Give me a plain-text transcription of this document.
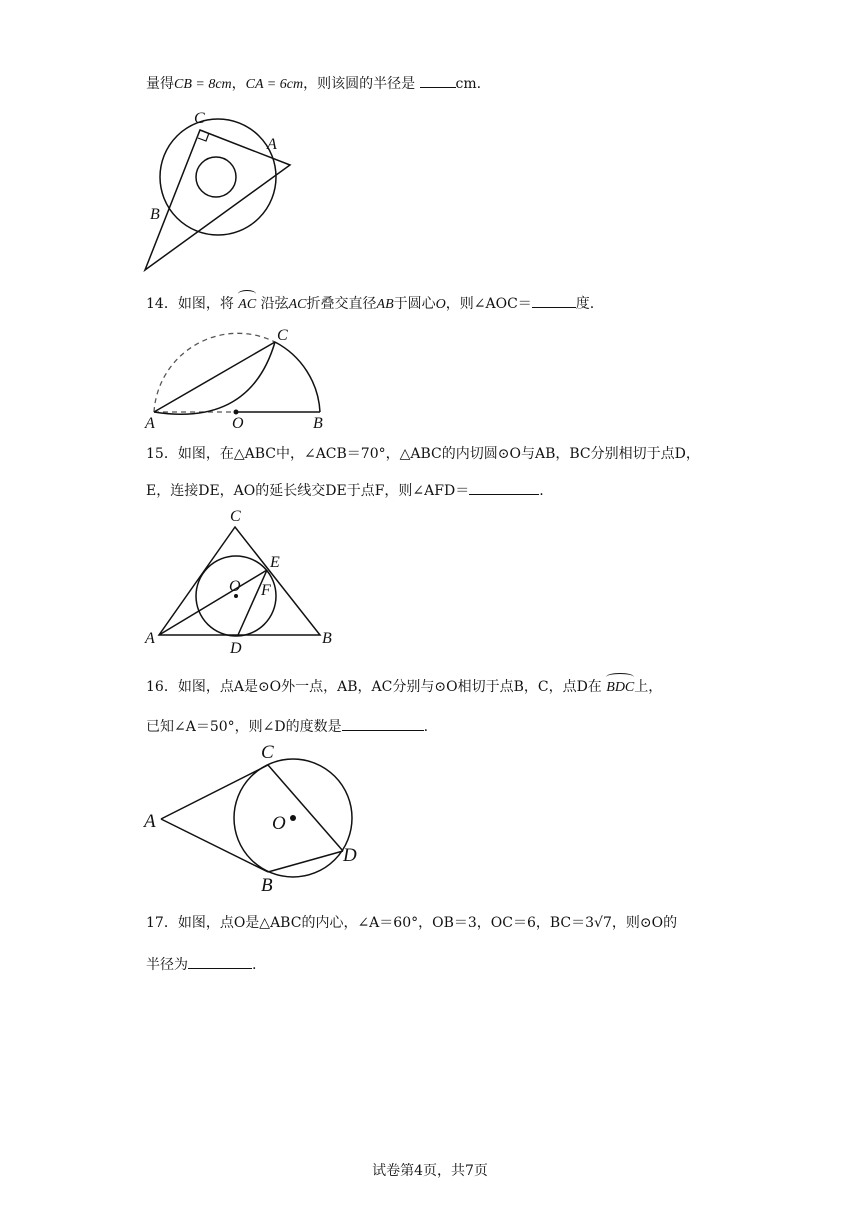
量得CB = 8cm，CA = 6cm，则该圆的半径是	cm.
C
A
B
14．如图，将 AC 沿弦AC折叠交直径AB于圆心O，则∠AOC＝	度.
A	O	B
C
15．如图，在△ABC中，∠ACB＝70°，△ABC的内切圆⊙O与AB，BC分别相切于点D，
E，连接DE，AO的延长线交DE于点F，则∠AFD＝	.
C
E
O F
A
D
B
16．如图，点A是⊙O外一点，AB，AC分别与⊙O相切于点B，C，点D在 BDC上，
已知∠A＝50°，则∠D的度数是	.
C
A	O
D
B
17．如图，点O是△ABC的内心，∠A＝60°，OB＝3，OC＝6，BC＝3√7，则⊙O的
半径为	.
试卷第4页，共7页
